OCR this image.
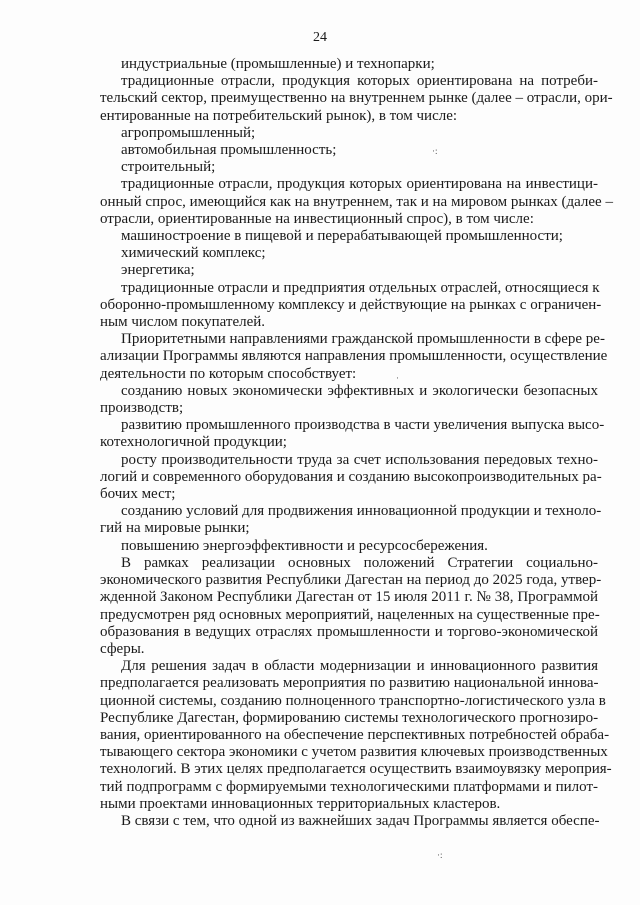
24
индустриальные (промышленные) и технопарки;
традиционные отрасли, продукция которых ориентирована на потреби-
тельский сектор, преимущественно на внутреннем рынке (далее – отрасли, ори-
ентированные на потребительский рынок), в том числе:
агропромышленный;
автомобильная промышленность;
строительный;
традиционные отрасли, продукция которых ориентирована на инвестици-
онный спрос, имеющийся как на внутреннем, так и на мировом рынках (далее –
отрасли, ориентированные на инвестиционный спрос), в том числе:
машиностроение в пищевой и перерабатывающей промышленности;
химический комплекс;
энергетика;
традиционные отрасли и предприятия отдельных отраслей, относящиеся к
оборонно-промышленному комплексу и действующие на рынках с ограничен-
ным числом покупателей.
Приоритетными направлениями гражданской промышленности в сфере ре-
ализации Программы являются направления промышленности, осуществление
деятельности по которым способствует:
созданию новых экономически эффективных и экологически безопасных
производств;
развитию промышленного производства в части увеличения выпуска высо-
котехнологичной продукции;
росту производительности труда за счет использования передовых техно-
логий и современного оборудования и созданию высокопроизводительных ра-
бочих мест;
созданию условий для продвижения инновационной продукции и техноло-
гий на мировые рынки;
повышению энергоэффективности и ресурсосбережения.
В рамках реализации основных положений Стратегии социально-
экономического развития Республики Дагестан на период до 2025 года, утвер-
жденной Законом Республики Дагестан от 15 июля 2011 г. № 38, Программой
предусмотрен ряд основных мероприятий, нацеленных на существенные пре-
образования в ведущих отраслях промышленности и торгово-экономической
сферы.
Для решения задач в области модернизации и инновационного развития
предполагается реализовать мероприятия по развитию национальной иннова-
ционной системы, созданию полноценного транспортно-логистического узла в
Республике Дагестан, формированию системы технологического прогнозиро-
вания, ориентированного на обеспечение перспективных потребностей обраба-
тывающего сектора экономики с учетом развития ключевых производственных
технологий. В этих целях предполагается осуществить взаимоувязку мероприя-
тий подпрограмм с формируемыми технологическими платформами и пилот-
ными проектами инновационных территориальных кластеров.
В связи с тем, что одной из важнейших задач Программы является обеспе-
·:
·
·:
